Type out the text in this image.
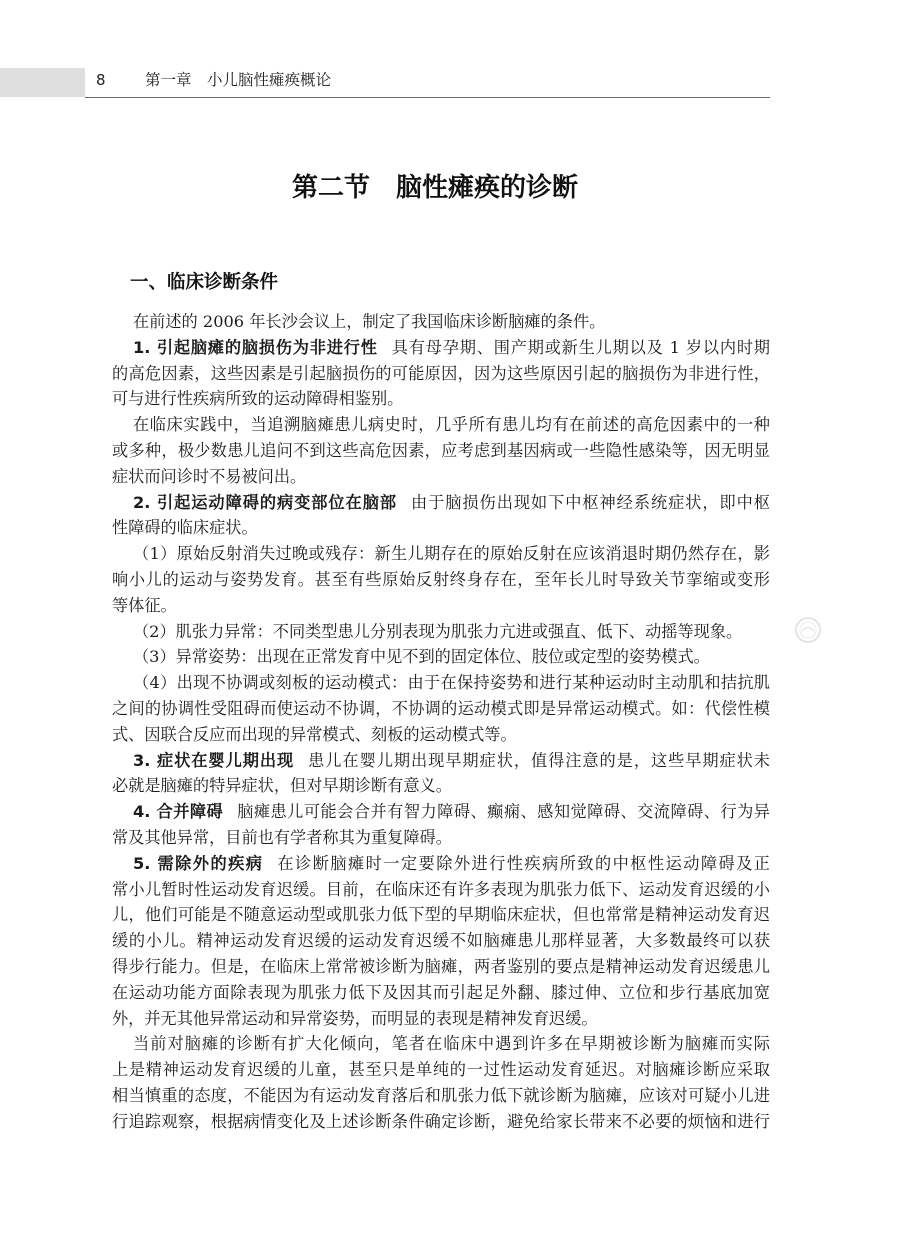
8	第一章　小儿脑性瘫痪概论
第二节　脑性瘫痪的诊断
一、临床诊断条件
在前述的 2006 年长沙会议上，制定了我国临床诊断脑瘫的条件。
1. 引起脑瘫的脑损伤为非进行性 具有母孕期、围产期或新生儿期以及 1 岁以内时期
的高危因素，这些因素是引起脑损伤的可能原因，因为这些原因引起的脑损伤为非进行性，
可与进行性疾病所致的运动障碍相鉴别。
在临床实践中，当追溯脑瘫患儿病史时，几乎所有患儿均有在前述的高危因素中的一种
或多种，极少数患儿追问不到这些高危因素，应考虑到基因病或一些隐性感染等，因无明显
症状而问诊时不易被问出。
2. 引起运动障碍的病变部位在脑部 由于脑损伤出现如下中枢神经系统症状，即中枢
性障碍的临床症状。
（1）原始反射消失过晚或残存：新生儿期存在的原始反射在应该消退时期仍然存在，影
响小儿的运动与姿势发育。甚至有些原始反射终身存在，至年长儿时导致关节挛缩或变形
等体征。
（2）肌张力异常：不同类型患儿分别表现为肌张力亢进或强直、低下、动摇等现象。
（3）异常姿势：出现在正常发育中见不到的固定体位、肢位或定型的姿势模式。
（4）出现不协调或刻板的运动模式：由于在保持姿势和进行某种运动时主动肌和拮抗肌
之间的协调性受阻碍而使运动不协调，不协调的运动模式即是异常运动模式。如：代偿性模
式、因联合反应而出现的异常模式、刻板的运动模式等。
3. 症状在婴儿期出现 患儿在婴儿期出现早期症状，值得注意的是，这些早期症状未
必就是脑瘫的特异症状，但对早期诊断有意义。
4. 合并障碍 脑瘫患儿可能会合并有智力障碍、癫痫、感知觉障碍、交流障碍、行为异
常及其他异常，目前也有学者称其为重复障碍。
5. 需除外的疾病 在诊断脑瘫时一定要除外进行性疾病所致的中枢性运动障碍及正
常小儿暂时性运动发育迟缓。目前，在临床还有许多表现为肌张力低下、运动发育迟缓的小
儿，他们可能是不随意运动型或肌张力低下型的早期临床症状，但也常常是精神运动发育迟
缓的小儿。精神运动发育迟缓的运动发育迟缓不如脑瘫患儿那样显著，大多数最终可以获
得步行能力。但是，在临床上常常被诊断为脑瘫，两者鉴别的要点是精神运动发育迟缓患儿
在运动功能方面除表现为肌张力低下及因其而引起足外翻、膝过伸、立位和步行基底加宽
外，并无其他异常运动和异常姿势，而明显的表现是精神发育迟缓。
当前对脑瘫的诊断有扩大化倾向，笔者在临床中遇到许多在早期被诊断为脑瘫而实际
上是精神运动发育迟缓的儿童，甚至只是单纯的一过性运动发育延迟。对脑瘫诊断应采取
相当慎重的态度，不能因为有运动发育落后和肌张力低下就诊断为脑瘫，应该对可疑小儿进
行追踪观察，根据病情变化及上述诊断条件确定诊断，避免给家长带来不必要的烦恼和进行
